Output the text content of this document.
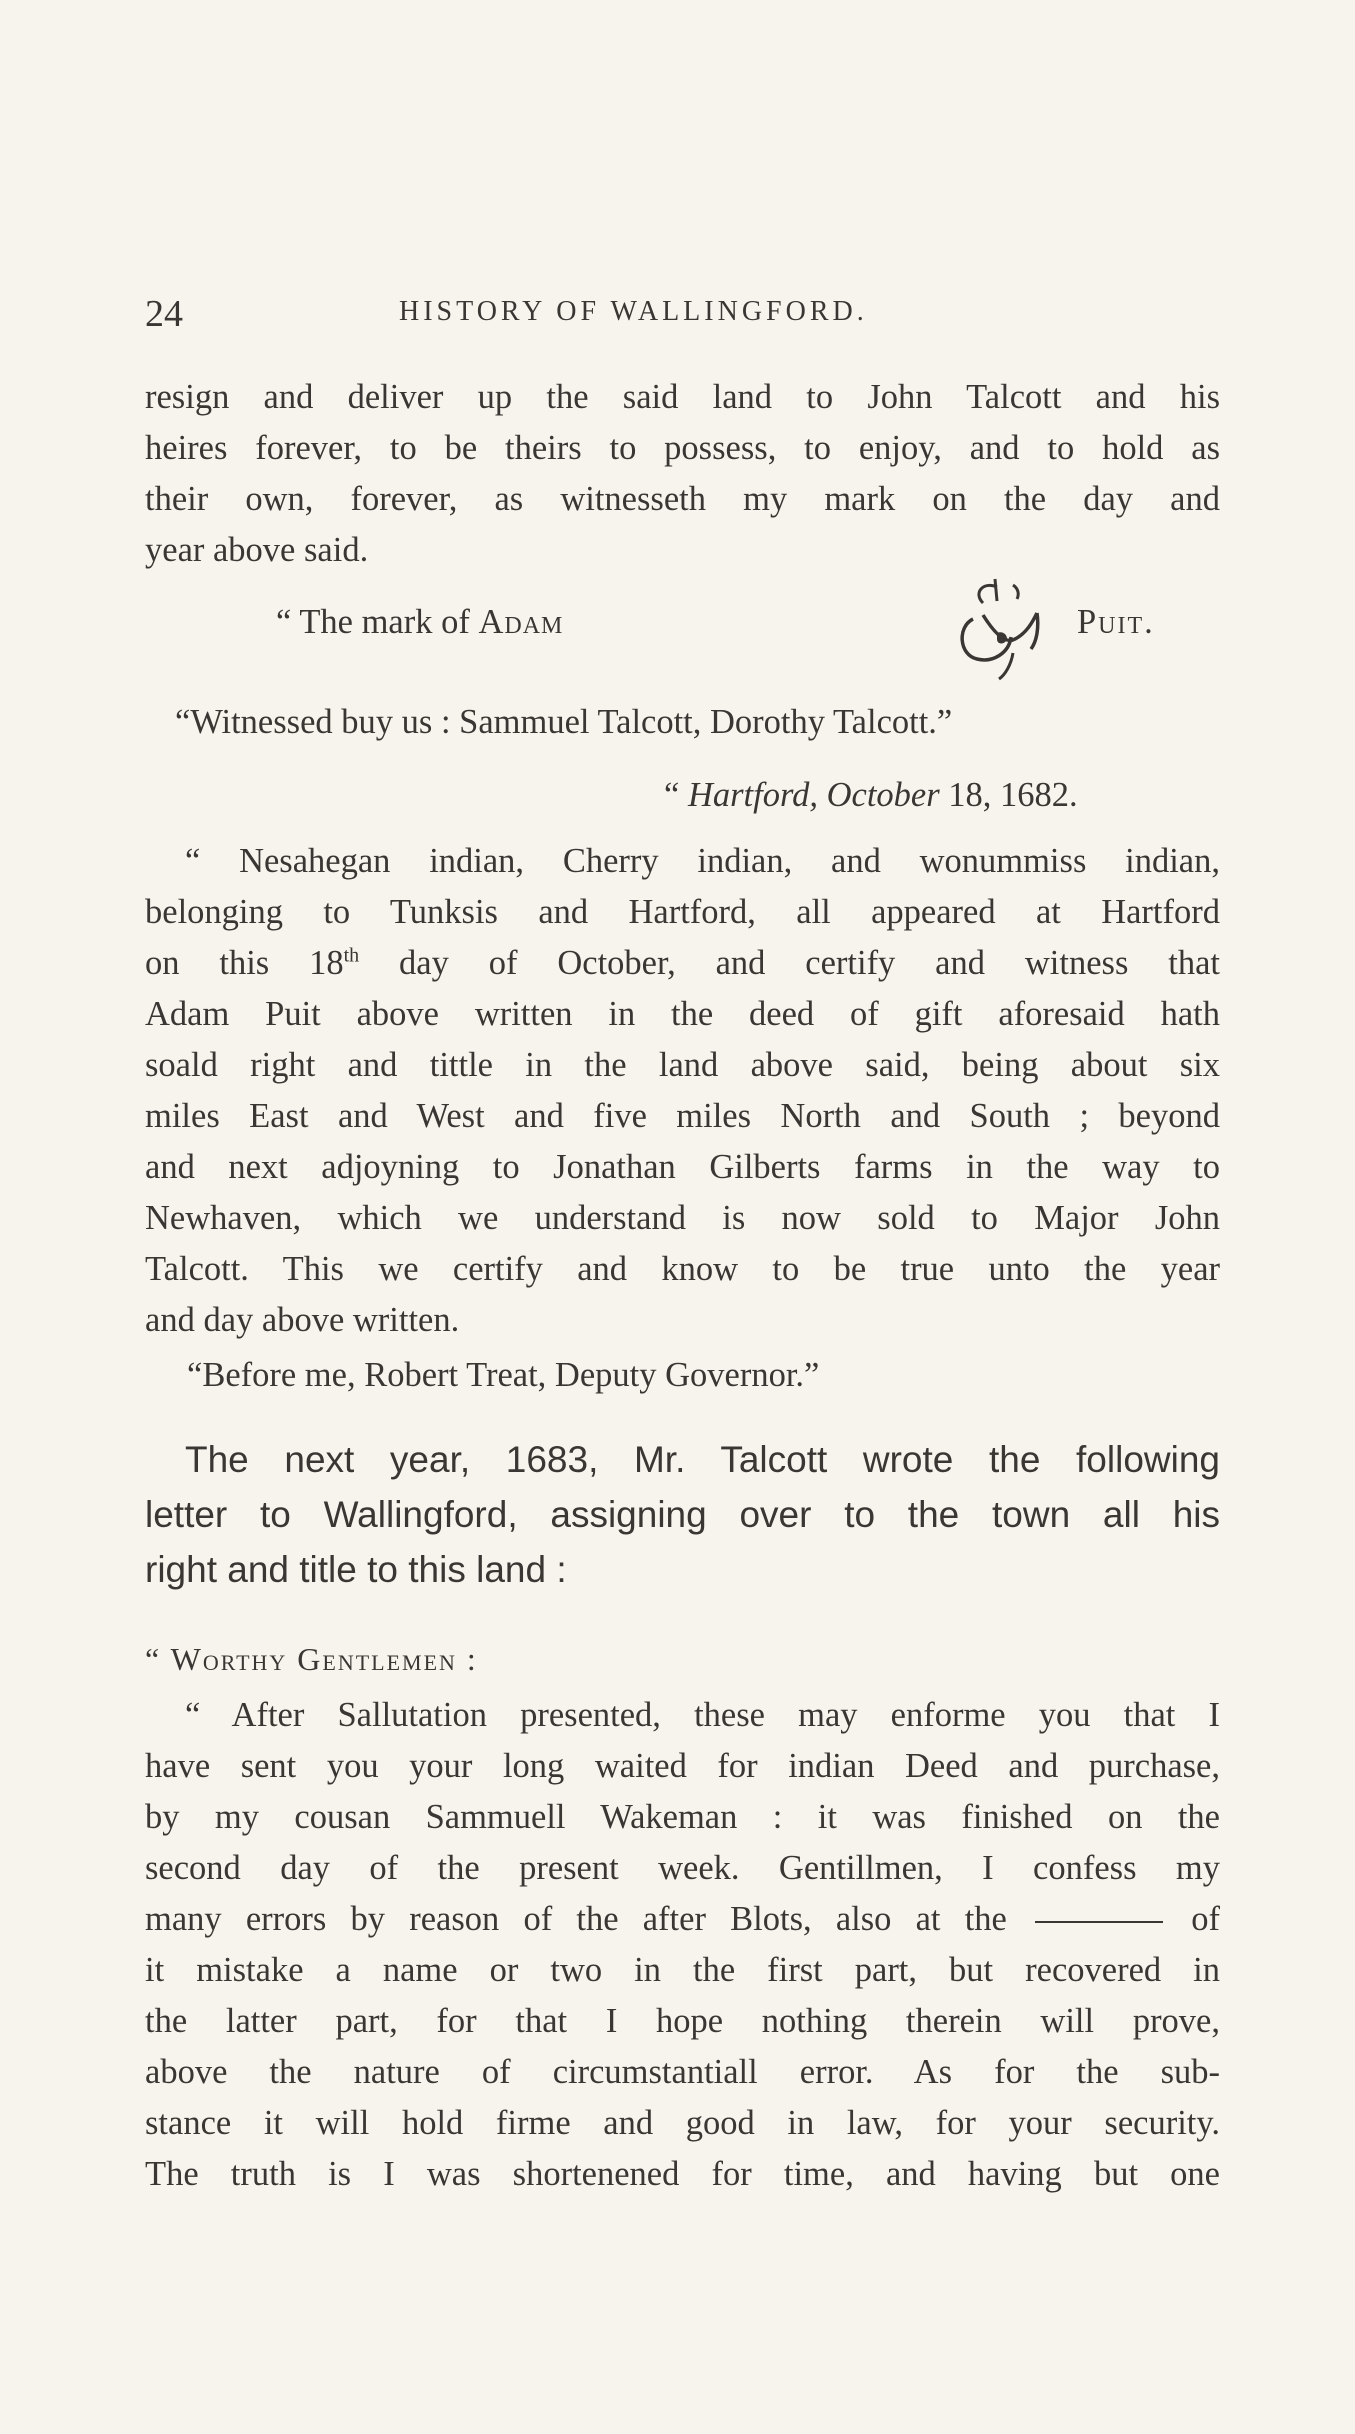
24	HISTORY OF WALLINGFORD.
resign and deliver up the said land to John Talcott and his
heires forever, to be theirs to possess, to enjoy, and to hold as
their own, forever, as witnesseth my mark on the day and
year above said.
“ The mark of Adam	Puit.
“Witnessed buy us : Sammuel Talcott, Dorothy Talcott.”
“ Hartford, October 18, 1682.
“ Nesahegan indian, Cherry indian, and wonummiss indian,
belonging to Tunksis and Hartford, all appeared at Hartford
on this 18th day of October, and certify and witness that
Adam Puit above written in the deed of gift aforesaid hath
soald right and tittle in the land above said, being about six
miles East and West and five miles North and South ; beyond
and next adjoyning to Jonathan Gilberts farms in the way to
Newhaven, which we understand is now sold to Major John
Talcott. This we certify and know to be true unto the year
and day above written.
“Before me, Robert Treat, Deputy Governor.”
The next year, 1683, Mr. Talcott wrote the following
letter to Wallingford, assigning over to the town all his
right and title to this land :
“ Worthy Gentlemen :
“ After Sallutation presented, these may enforme you that I
have sent you your long waited for indian Deed and purchase,
by my cousan Sammuell Wakeman : it was finished on the
second day of the present week. Gentillmen, I confess my
many errors by reason of the after Blots, also at the	of
it mistake a name or two in the first part, but recovered in
the latter part, for that I hope nothing therein will prove,
above the nature of circumstantiall error. As for the sub-
stance it will hold firme and good in law, for your security.
The truth is I was shortenened for time, and having but one
